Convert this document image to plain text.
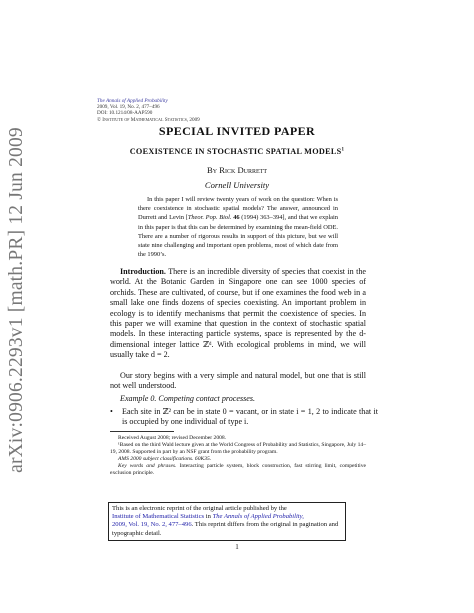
arXiv:0906.2293v1 [math.PR] 12 Jun 2009
The Annals of Applied Probability
2009, Vol. 19, No. 2, 477–496
DOI: 10.1214/08-AAP590
© Institute of Mathematical Statistics, 2009
SPECIAL INVITED PAPER
COEXISTENCE IN STOCHASTIC SPATIAL MODELS$^1$
By Rick Durrett
Cornell University
In this paper I will review twenty years of work on the question: When is there coexistence in stochastic spatial models? The answer, announced in Durrett and Levin [Theor. Pop. Biol. 46 (1994) 363–394], and that we explain in this paper is that this can be determined by examining the mean-field ODE. There are a number of rigorous results in support of this picture, but we will state nine challenging and important open problems, most of which date from the 1990’s.
Introduction. There is an incredible diversity of species that coexist in the world. At the Botanic Garden in Singapore one can see 1000 species of orchids. These are cultivated, of course, but if one examines the food web in a small lake one finds dozens of species coexisting. An important problem in ecology is to identify mechanisms that permit the coexistence of species. In this paper we will examine that question in the context of stochastic spatial models. In these interacting particle systems, space is represented by the d-dimensional integer lattice ℤᵈ. With ecological problems in mind, we will usually take d = 2.
Our story begins with a very simple and natural model, but one that is still not well understood.
Example 0. Competing contact processes.
• Each site in ℤ² can be in state 0 = vacant, or in state i = 1, 2 to indicate that it is occupied by one individual of type i.

Received August 2008; revised December 2008.

¹Based on the third Wald lecture given at the World Congress of Probability and Statistics, Singapore, July 14–19, 2008. Supported in part by an NSF grant from the probability program.

AMS 2000 subject classifications. 60K35.

Key words and phrases. Interacting particle system, block construction, fast stirring limit, competitive exclusion principle.

This is an electronic reprint of the original article published by the
Institute of Mathematical Statistics in The Annals of Applied Probability,
2009, Vol. 19, No. 2, 477–496. This reprint differs from the original in pagination and typographic detail.
1
